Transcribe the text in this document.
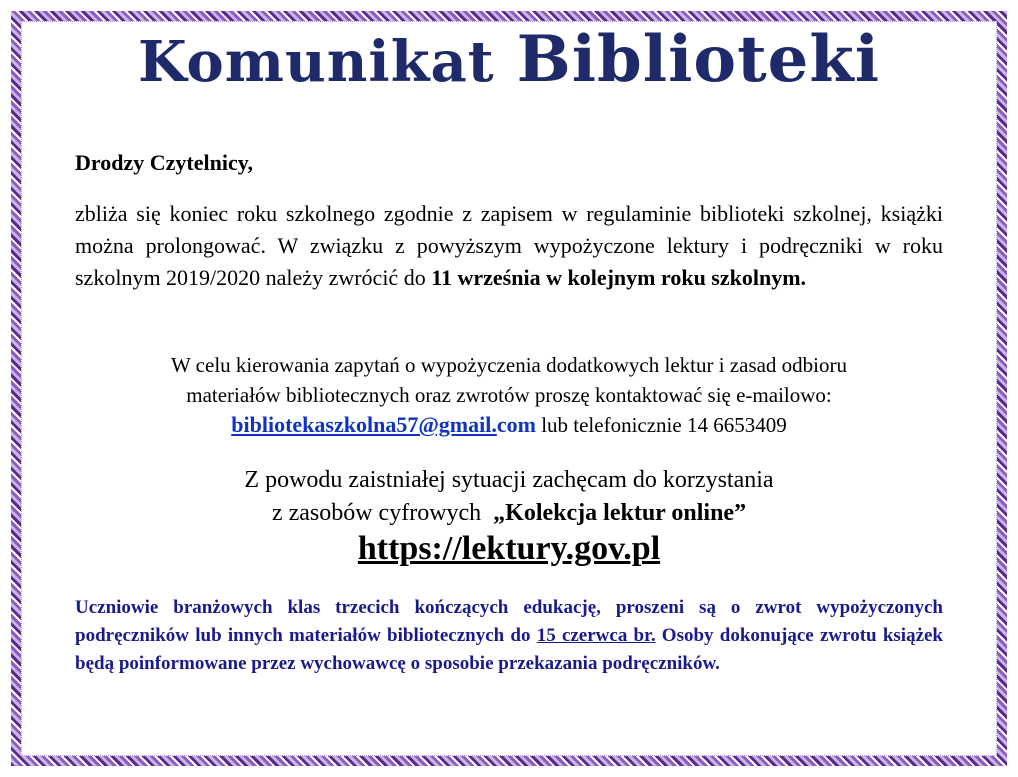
Komunikat Biblioteki
Drodzy Czytelnicy,
zbliża się koniec roku szkolnego zgodnie z zapisem w regulaminie biblioteki szkolnej, książki można prolongować. W związku z powyższym wypożyczone lektury i podręczniki w roku szkolnym 2019/2020 należy zwrócić do 11 września w kolejnym roku szkolnym.
W celu kierowania zapytań o wypożyczenia dodatkowych lektur i zasad odbioru
materiałów bibliotecznych oraz zwrotów proszę kontaktować się e-mailowo:
bibliotekaszkolna57@gmail.com lub telefonicznie 14 6653409
Z powodu zaistniałej sytuacji zachęcam do korzystania
z zasobów cyfrowych  „Kolekcja lektur online”
https://lektury.gov.pl
Uczniowie branżowych klas trzecich kończących edukację, proszeni są o zwrot wypożyczonych podręczników lub innych materiałów bibliotecznych do 15 czerwca br. Osoby dokonujące zwrotu książek będą poinformowane przez wychowawcę o sposobie przekazania podręczników.
